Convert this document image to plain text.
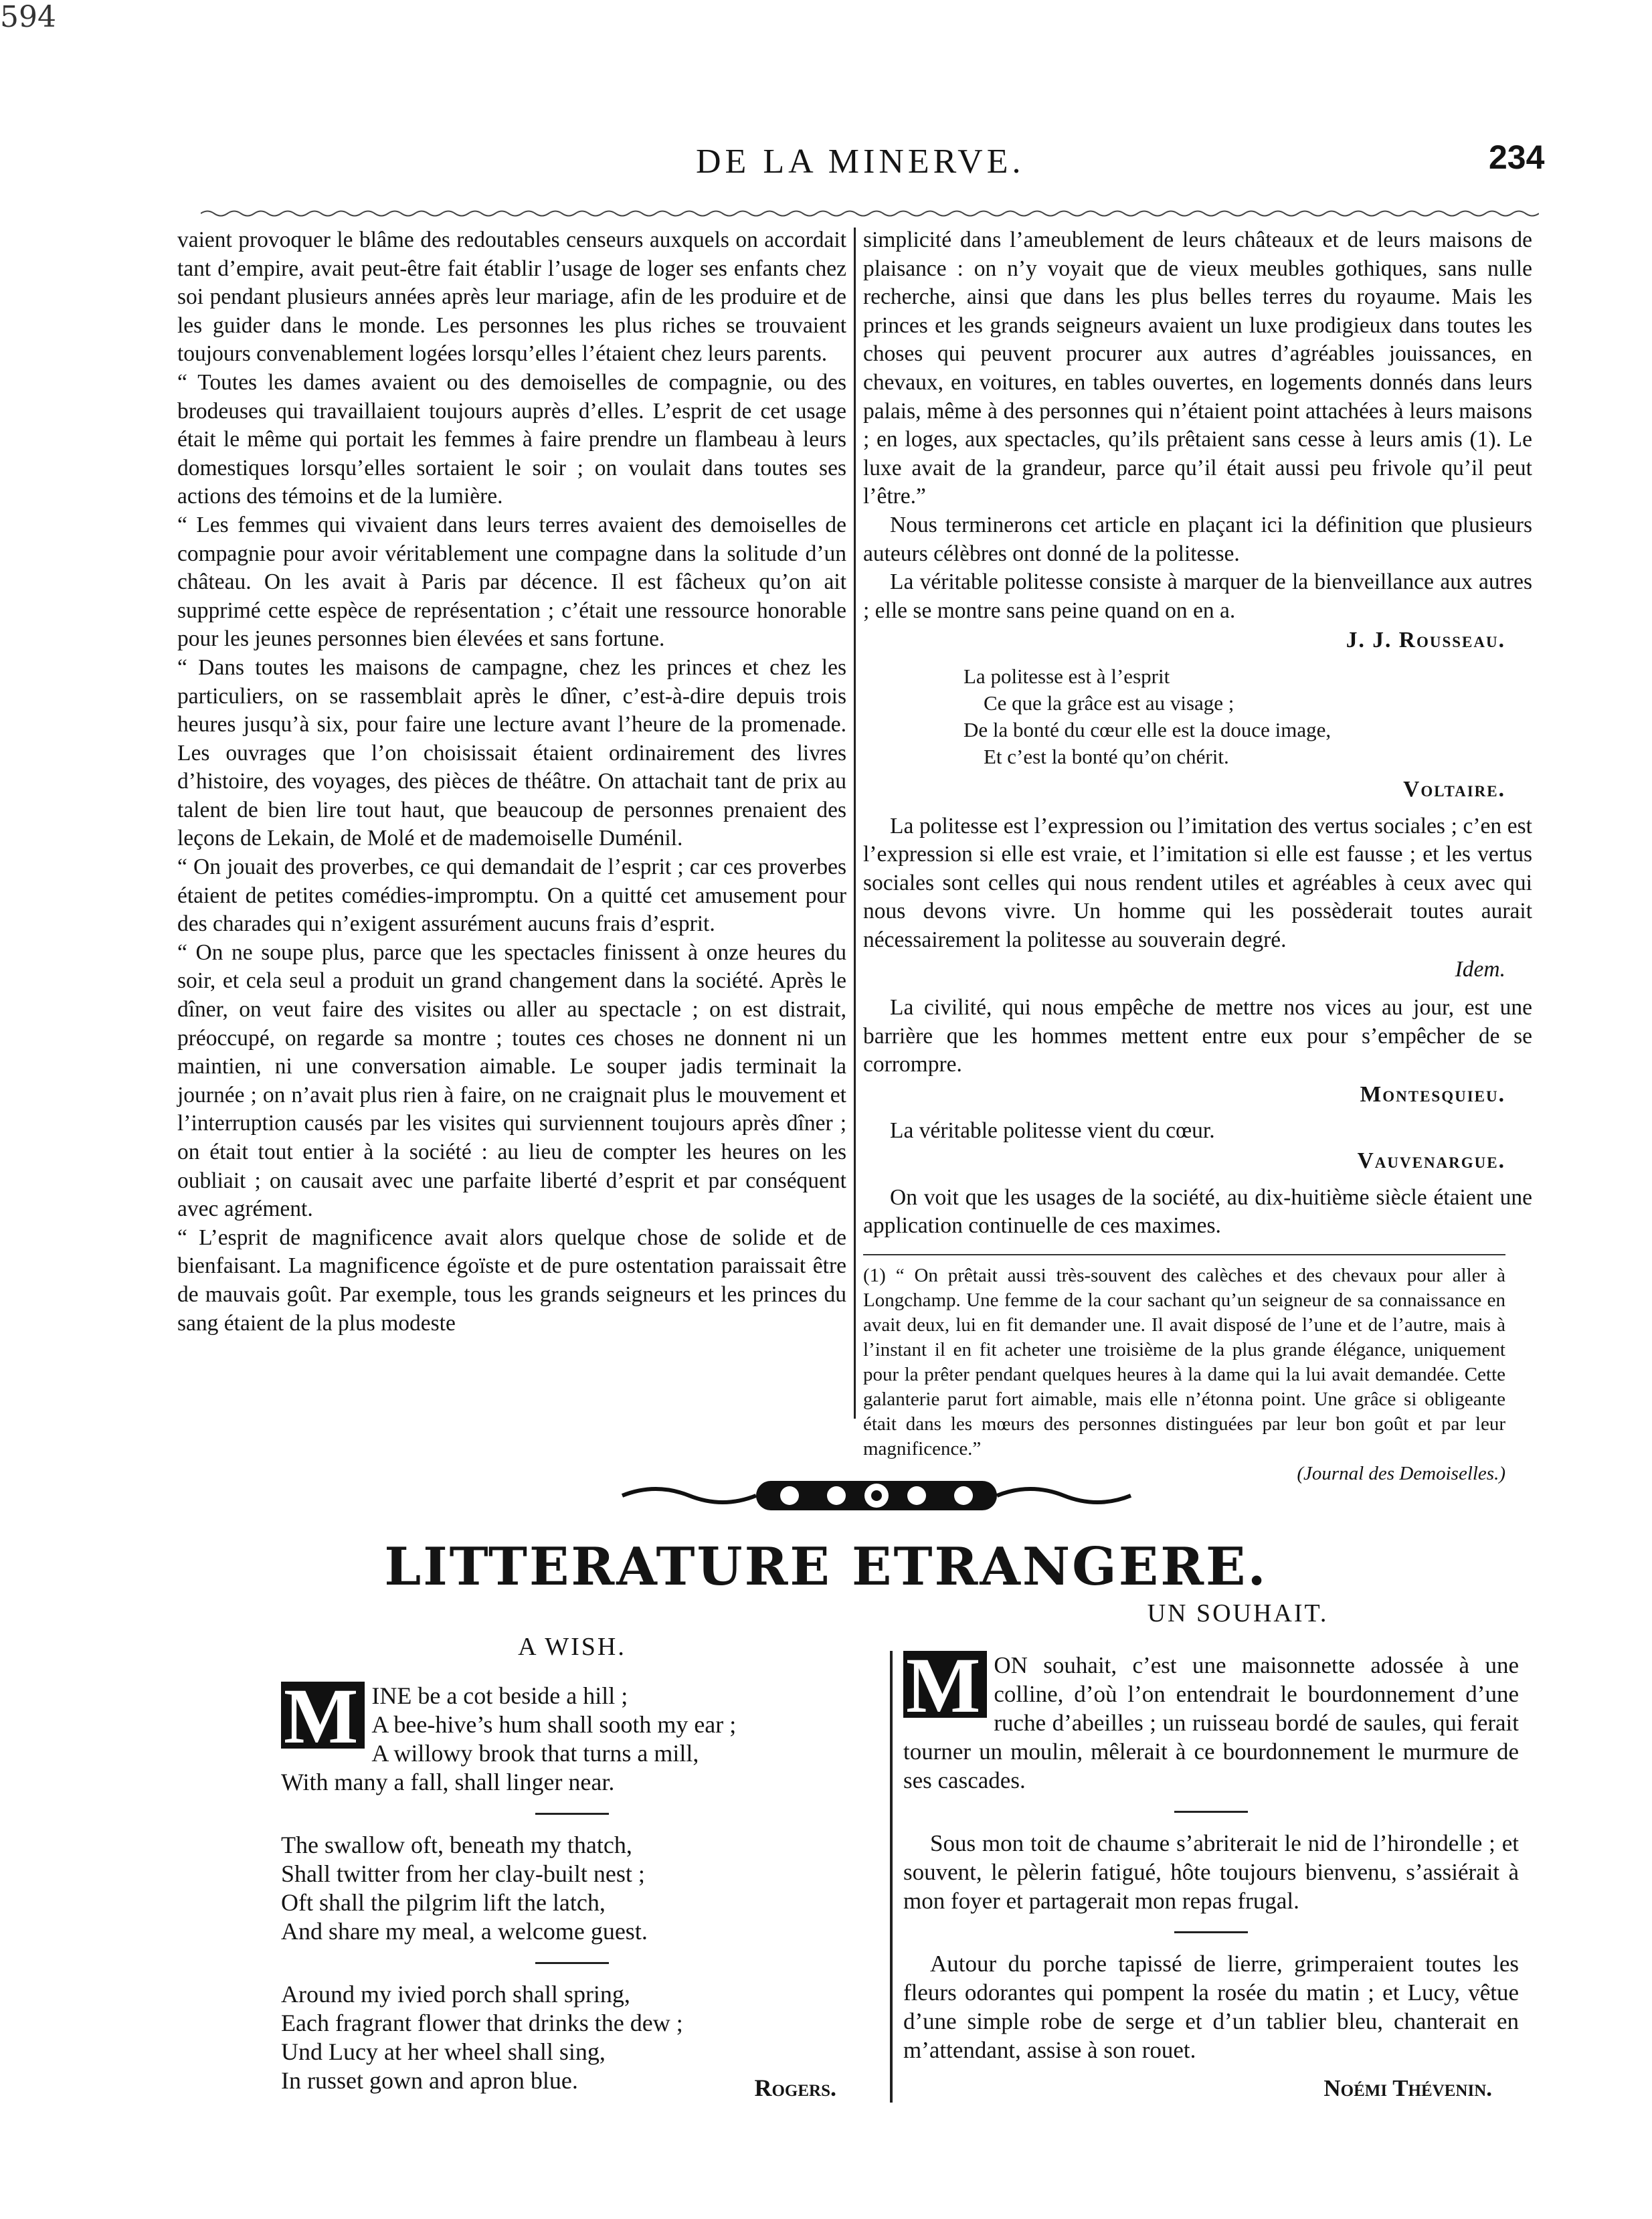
594
DE LA MINERVE.	234

vaient provoquer le blâme des redoutables censeurs auxquels on accordait tant d’empire, avait peut-être fait établir l’usage de loger ses enfants chez soi pendant plusieurs années après leur mariage, afin de les produire et de les guider dans le monde. Les personnes les plus riches se trouvaient toujours convenablement logées lorsqu’elles l’étaient chez leurs parents.

“ Toutes les dames avaient ou des demoiselles de compagnie, ou des brodeuses qui travaillaient toujours auprès d’elles. L’esprit de cet usage était le même qui portait les femmes à faire prendre un flambeau à leurs domestiques lorsqu’elles sortaient le soir ; on voulait dans toutes ses actions des témoins et de la lumière.

“ Les femmes qui vivaient dans leurs terres avaient des demoiselles de compagnie pour avoir véritablement une compagne dans la solitude d’un château. On les avait à Paris par décence. Il est fâcheux qu’on ait supprimé cette espèce de représentation ; c’était une ressource honorable pour les jeunes personnes bien élevées et sans fortune.

“ Dans toutes les maisons de campagne, chez les princes et chez les particuliers, on se rassemblait après le dîner, c’est-à-dire depuis trois heures jusqu’à six, pour faire une lecture avant l’heure de la promenade. Les ouvrages que l’on choisissait étaient ordinairement des livres d’histoire, des voyages, des pièces de théâtre. On attachait tant de prix au talent de bien lire tout haut, que beaucoup de personnes prenaient des leçons de Lekain, de Molé et de mademoiselle Duménil.

“ On jouait des proverbes, ce qui demandait de l’esprit ; car ces proverbes étaient de petites comédies-impromptu. On a quitté cet amusement pour des charades qui n’exigent assurément aucuns frais d’esprit.

“ On ne soupe plus, parce que les spectacles finissent à onze heures du soir, et cela seul a produit un grand changement dans la société. Après le dîner, on veut faire des visites ou aller au spectacle ; on est distrait, préoccupé, on regarde sa montre ; toutes ces choses ne donnent ni un maintien, ni une conversation aimable. Le souper jadis terminait la journée ; on n’avait plus rien à faire, on ne craignait plus le mouvement et l’interruption causés par les visites qui surviennent toujours après dîner ; on était tout entier à la société : au lieu de compter les heures on les oubliait ; on causait avec une parfaite liberté d’esprit et par conséquent avec agrément.

“ L’esprit de magnificence avait alors quelque chose de solide et de bienfaisant. La magnificence égoïste et de pure ostentation paraissait être de mauvais goût. Par exemple, tous les grands seigneurs et les princes du sang étaient de la plus modeste

simplicité dans l’ameublement de leurs châteaux et de leurs maisons de plaisance : on n’y voyait que de vieux meubles gothiques, sans nulle recherche, ainsi que dans les plus belles terres du royaume. Mais les princes et les grands seigneurs avaient un luxe prodigieux dans toutes les choses qui peuvent procurer aux autres d’agréables jouissances, en chevaux, en voitures, en tables ouvertes, en logements donnés dans leurs palais, même à des personnes qui n’étaient point attachées à leurs maisons ; en loges, aux spectacles, qu’ils prêtaient sans cesse à leurs amis (1). Le luxe avait de la grandeur, parce qu’il était aussi peu frivole qu’il peut l’être.”

Nous terminerons cet article en plaçant ici la définition que plusieurs auteurs célèbres ont donné de la politesse.

La véritable politesse consiste à marquer de la bienveillance aux autres ; elle se montre sans peine quand on en a.

J. J. Rousseau.
La politesse est à l’esprit
Ce que la grâce est au visage ;
De la bonté du cœur elle est la douce image,
Et c’est la bonté qu’on chérit.
Voltaire.

La politesse est l’expression ou l’imitation des vertus sociales ; c’en est l’expression si elle est vraie, et l’imitation si elle est fausse ; et les vertus sociales sont celles qui nous rendent utiles et agréables à ceux avec qui nous devons vivre. Un homme qui les possèderait toutes aurait nécessairement la politesse au souverain degré.

Idem.

La civilité, qui nous empêche de mettre nos vices au jour, est une barrière que les hommes mettent entre eux pour s’empêcher de se corrompre.

Montesquieu.

La véritable politesse vient du cœur.

Vauvenargue.

On voit que les usages de la société, au dix-huitième siècle étaient une application continuelle de ces maximes.

(1) “ On prêtait aussi très-souvent des calèches et des chevaux pour aller à Longchamp. Une femme de la cour sachant qu’un seigneur de sa connaissance en avait deux, lui en fit demander une. Il avait disposé de l’une et de l’autre, mais à l’instant il en fit acheter une troisième de la plus grande élégance, uniquement pour la prêter pendant quelques heures à la dame qui la lui avait demandée. Cette galanterie parut fort aimable, mais elle n’étonna point. Une grâce si obligeante était dans les mœurs des personnes distinguées par leur bon goût et par leur magnificence.”
(Journal des Demoiselles.)
LITTERATURE ETRANGERE.
A WISH.
M INE be a cot beside a hill ;
A bee-hive’s hum shall sooth my ear ;
A willowy brook that turns a mill,
With many a fall, shall linger near.
The swallow oft, beneath my thatch,
Shall twitter from her clay-built nest ;
Oft shall the pilgrim lift the latch,
And share my meal, a welcome guest.
Around my ivied porch shall spring,
Each fragrant flower that drinks the dew ;
Und Lucy at her wheel shall sing,
In russet gown and apron blue.	Rogers.
UN SOUHAIT.
M ON souhait, c’est une maisonnette adossée à une colline, d’où l’on entendrait le bourdonnement d’une ruche d’abeilles ; un ruisseau bordé de saules, qui ferait tourner un moulin, mêlerait à ce bourdonnement le murmure de ses cascades.

Sous mon toit de chaume s’abriterait le nid de l’hirondelle ; et souvent, le pèlerin fatigué, hôte toujours bienvenu, s’assiérait à mon foyer et partagerait mon repas frugal.

Autour du porche tapissé de lierre, grimperaient toutes les fleurs odorantes qui pompent la rosée du matin ; et Lucy, vêtue d’une simple robe de serge et d’un tablier bleu, chanterait en m’attendant, assise à son rouet.

Noémi Thévenin.
